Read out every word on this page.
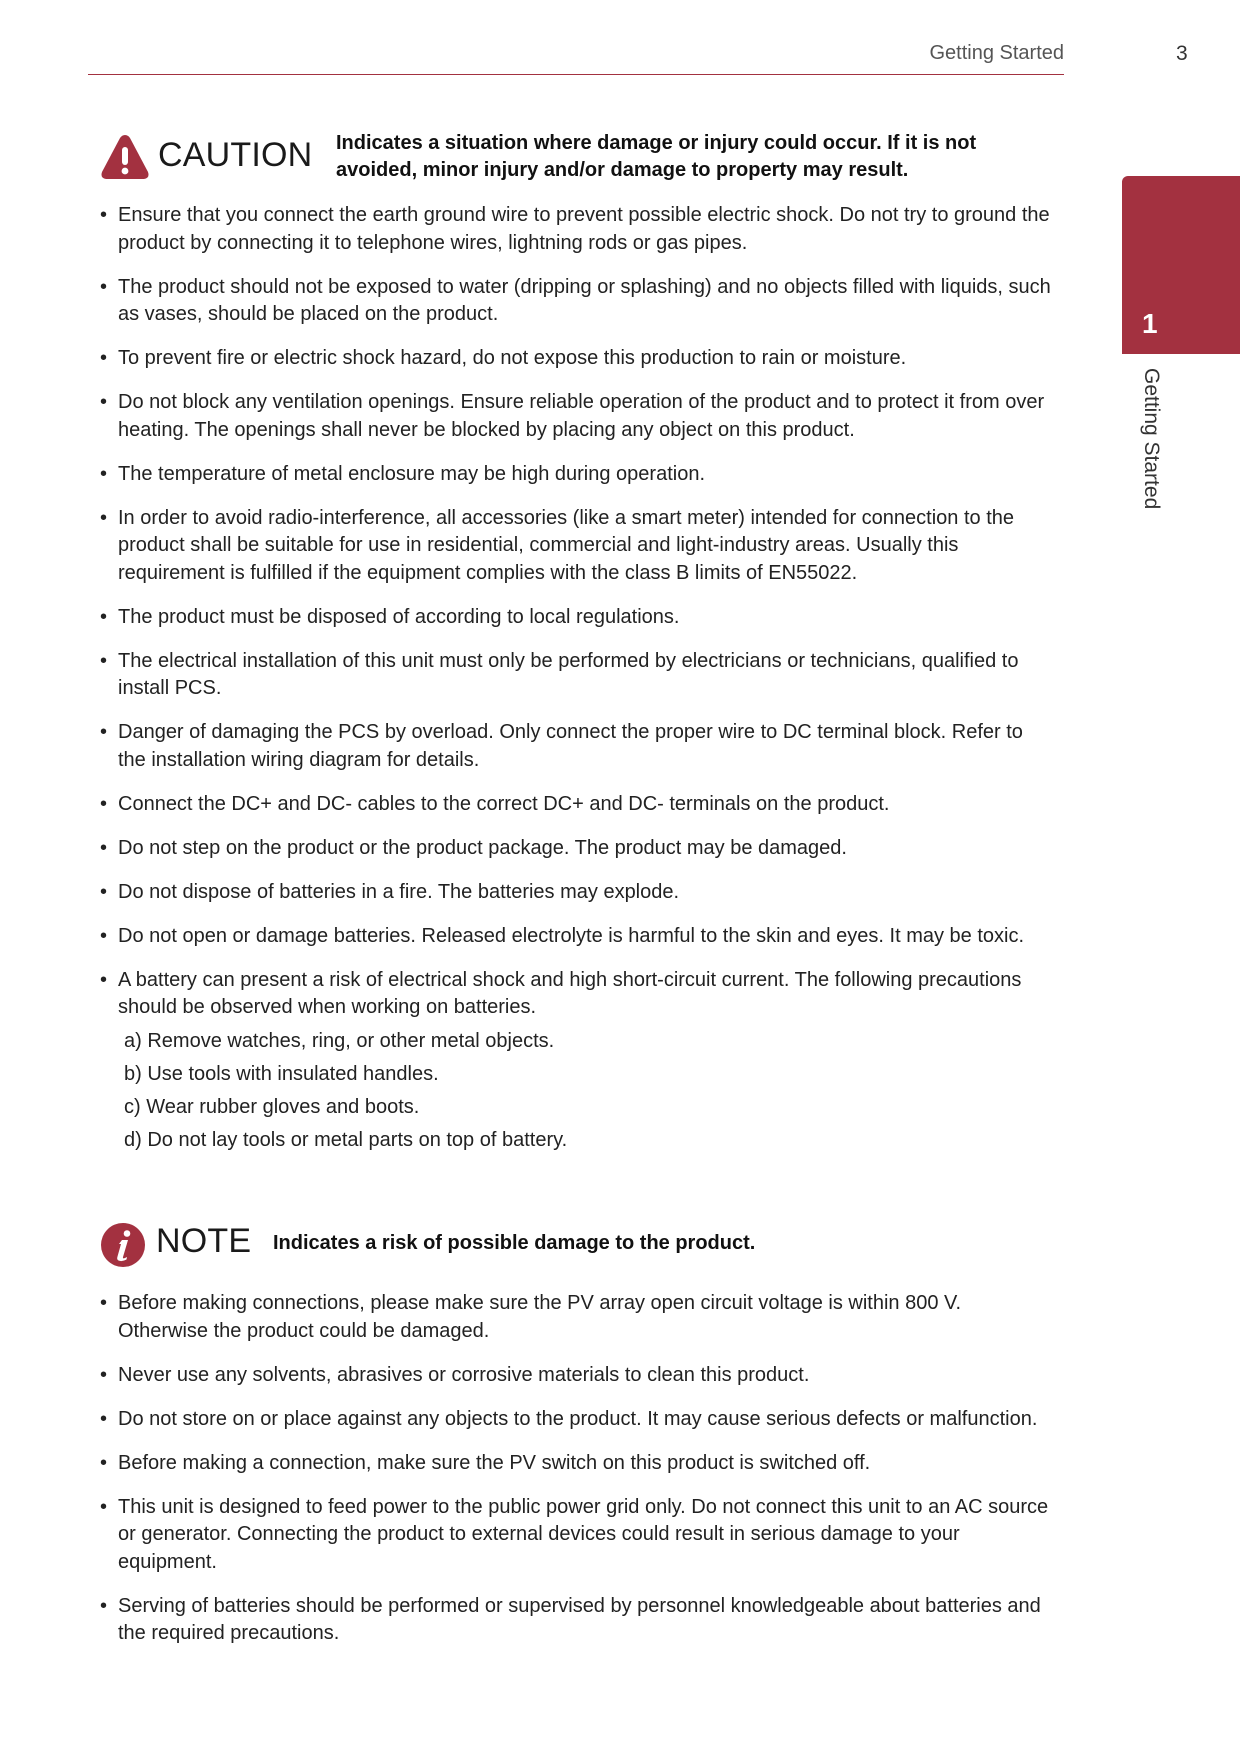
Getting Started	3
1
Getting Started
CAUTION Indicates a situation where damage or injury could occur. If it is not avoided, minor injury and/or damage to property may result.
• Ensure that you connect the earth ground wire to prevent possible electric shock. Do not try to ground the product by connecting it to telephone wires, lightning rods or gas pipes.
• The product should not be exposed to water (dripping or splashing) and no objects filled with liquids, such as vases, should be placed on the product.
• To prevent fire or electric shock hazard, do not expose this production to rain or moisture.
• Do not block any ventilation openings. Ensure reliable operation of the product and to protect it from over heating. The openings shall never be blocked by placing any object on this product.
• The temperature of metal enclosure may be high during operation.
• In order to avoid radio-interference, all accessories (like a smart meter) intended for connection to the product shall be suitable for use in residential, commercial and light-industry areas. Usually this requirement is fulfilled if the equipment complies with the class B limits of EN55022.
• The product must be disposed of according to local regulations.
• The electrical installation of this unit must only be performed by electricians or technicians, qualified to install PCS.
• Danger of damaging the PCS by overload. Only connect the proper wire to DC terminal block. Refer to the installation wiring diagram for details.
• Connect the DC+ and DC- cables to the correct DC+ and DC- terminals on the product.
• Do not step on the product or the product package. The product may be damaged.
• Do not dispose of batteries in a fire. The batteries may explode.
• Do not open or damage batteries. Released electrolyte is harmful to the skin and eyes. It may be toxic.
• A battery can present a risk of electrical shock and high short-circuit current. The following precautions should be observed when working on batteries.
a) Remove watches, ring, or other metal objects.
b) Use tools with insulated handles.
c) Wear rubber gloves and boots.
d) Do not lay tools or metal parts on top of battery.
NOTE Indicates a risk of possible damage to the product.
• Before making connections, please make sure the PV array open circuit voltage is within 800 V. Otherwise the product could be damaged.
• Never use any solvents, abrasives or corrosive materials to clean this product.
• Do not store on or place against any objects to the product. It may cause serious defects or malfunction.
• Before making a connection, make sure the PV switch on this product is switched off.
• This unit is designed to feed power to the public power grid only. Do not connect this unit to an AC source or generator. Connecting the product to external devices could result in serious damage to your equipment.
• Serving of batteries should be performed or supervised by personnel knowledgeable about batteries and the required precautions.
